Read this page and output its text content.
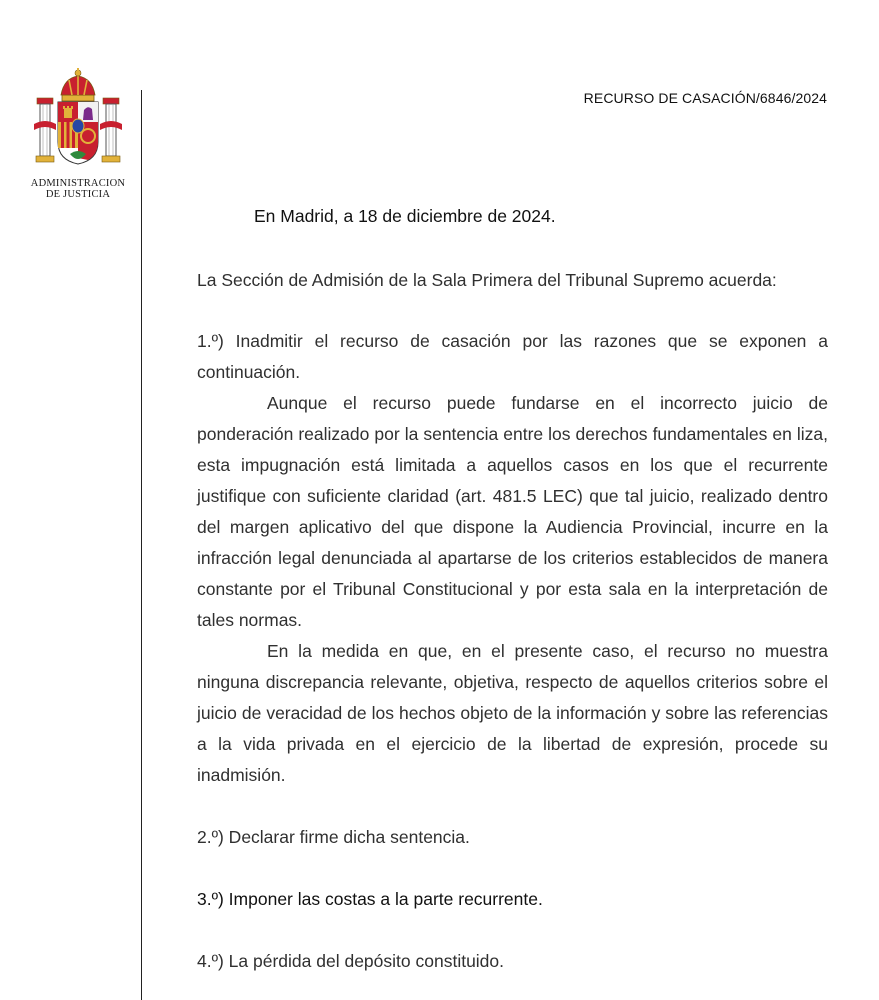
ADMINISTRACION
DE JUSTICIA
RECURSO DE CASACIÓN/6846/2024
En Madrid, a 18 de diciembre de 2024.

La Sección de Admisión de la Sala Primera del Tribunal Supremo acuerda:

1.º) Inadmitir el recurso de casación por las razones que se exponen a continuación.

Aunque el recurso puede fundarse en el incorrecto juicio de ponderación realizado por la sentencia entre los derechos fundamentales en liza, esta impugnación está limitada a aquellos casos en los que el recurrente justifique con suficiente claridad (art. 481.5 LEC) que tal juicio, realizado dentro del margen aplicativo del que dispone la Audiencia Provincial, incurre en la infracción legal denunciada al apartarse de los criterios establecidos de manera constante por el Tribunal Constitucional y por esta sala en la interpretación de tales normas.

En la medida en que, en el presente caso, el recurso no muestra ninguna discrepancia relevante, objetiva, respecto de aquellos criterios sobre el juicio de veracidad de los hechos objeto de la información y sobre las referencias a la vida privada en el ejercicio de la libertad de expresión, procede su inadmisión.

2.º) Declarar firme dicha sentencia.

3.º) Imponer las costas a la parte recurrente.

4.º) La pérdida del depósito constituido.
